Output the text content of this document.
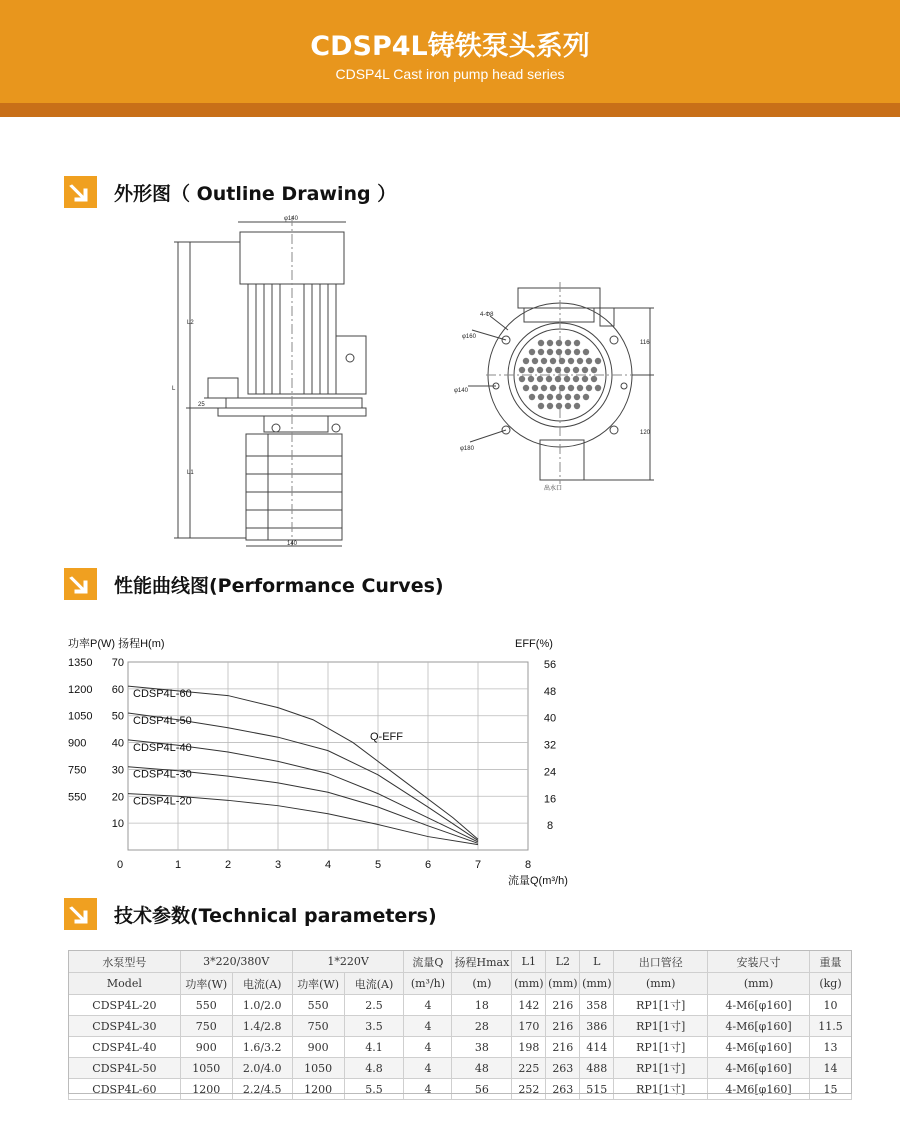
CDSP4L铸铁泵头系列
CDSP4L Cast iron pump head series
外形图（ Outline Drawing ）
φ140
140
L
L2
L1
25
4-Φ8
φ160
φ140
φ180
116
120
出水口
性能曲线图(Performance Curves)
功率P(W) 扬程H(m)	EFF(%)
流量Q(m³/h)
0	1	2	3	4	5	6	7	8
70
60
50
40
30
20
10
1350
1200
1050
900
750
550
56
48
40
32
24
16
8
CDSP4L-60
CDSP4L-50
CDSP4L-40
CDSP4L-30
CDSP4L-20
Q-EFF
技术参数(Technical parameters)
水泵型号	3*220/380V		1*220V		流量Q	扬程Hmax	L1	L2	L	出口管径	安装尺寸	重量
Model	功率(W)	电流(A)	功率(W)	电流(A)	(m³/h)	(m)	(mm)	(mm)	(mm)	(mm)	(mm)	(kg)
CDSP4L-20	550	1.0/2.0	550	2.5	4	18	142	216	358	RP1[1寸]	4-M6[φ160]	10
CDSP4L-30	750	1.4/2.8	750	3.5	4	28	170	216	386	RP1[1寸]	4-M6[φ160]	11.5
CDSP4L-40	900	1.6/3.2	900	4.1	4	38	198	216	414	RP1[1寸]	4-M6[φ160]	13
CDSP4L-50	1050	2.0/4.0	1050	4.8	4	48	225	263	488	RP1[1寸]	4-M6[φ160]	14
CDSP4L-60	1200	2.2/4.5	1200	5.5	4	56	252	263	515	RP1[1寸]	4-M6[φ160]	15
